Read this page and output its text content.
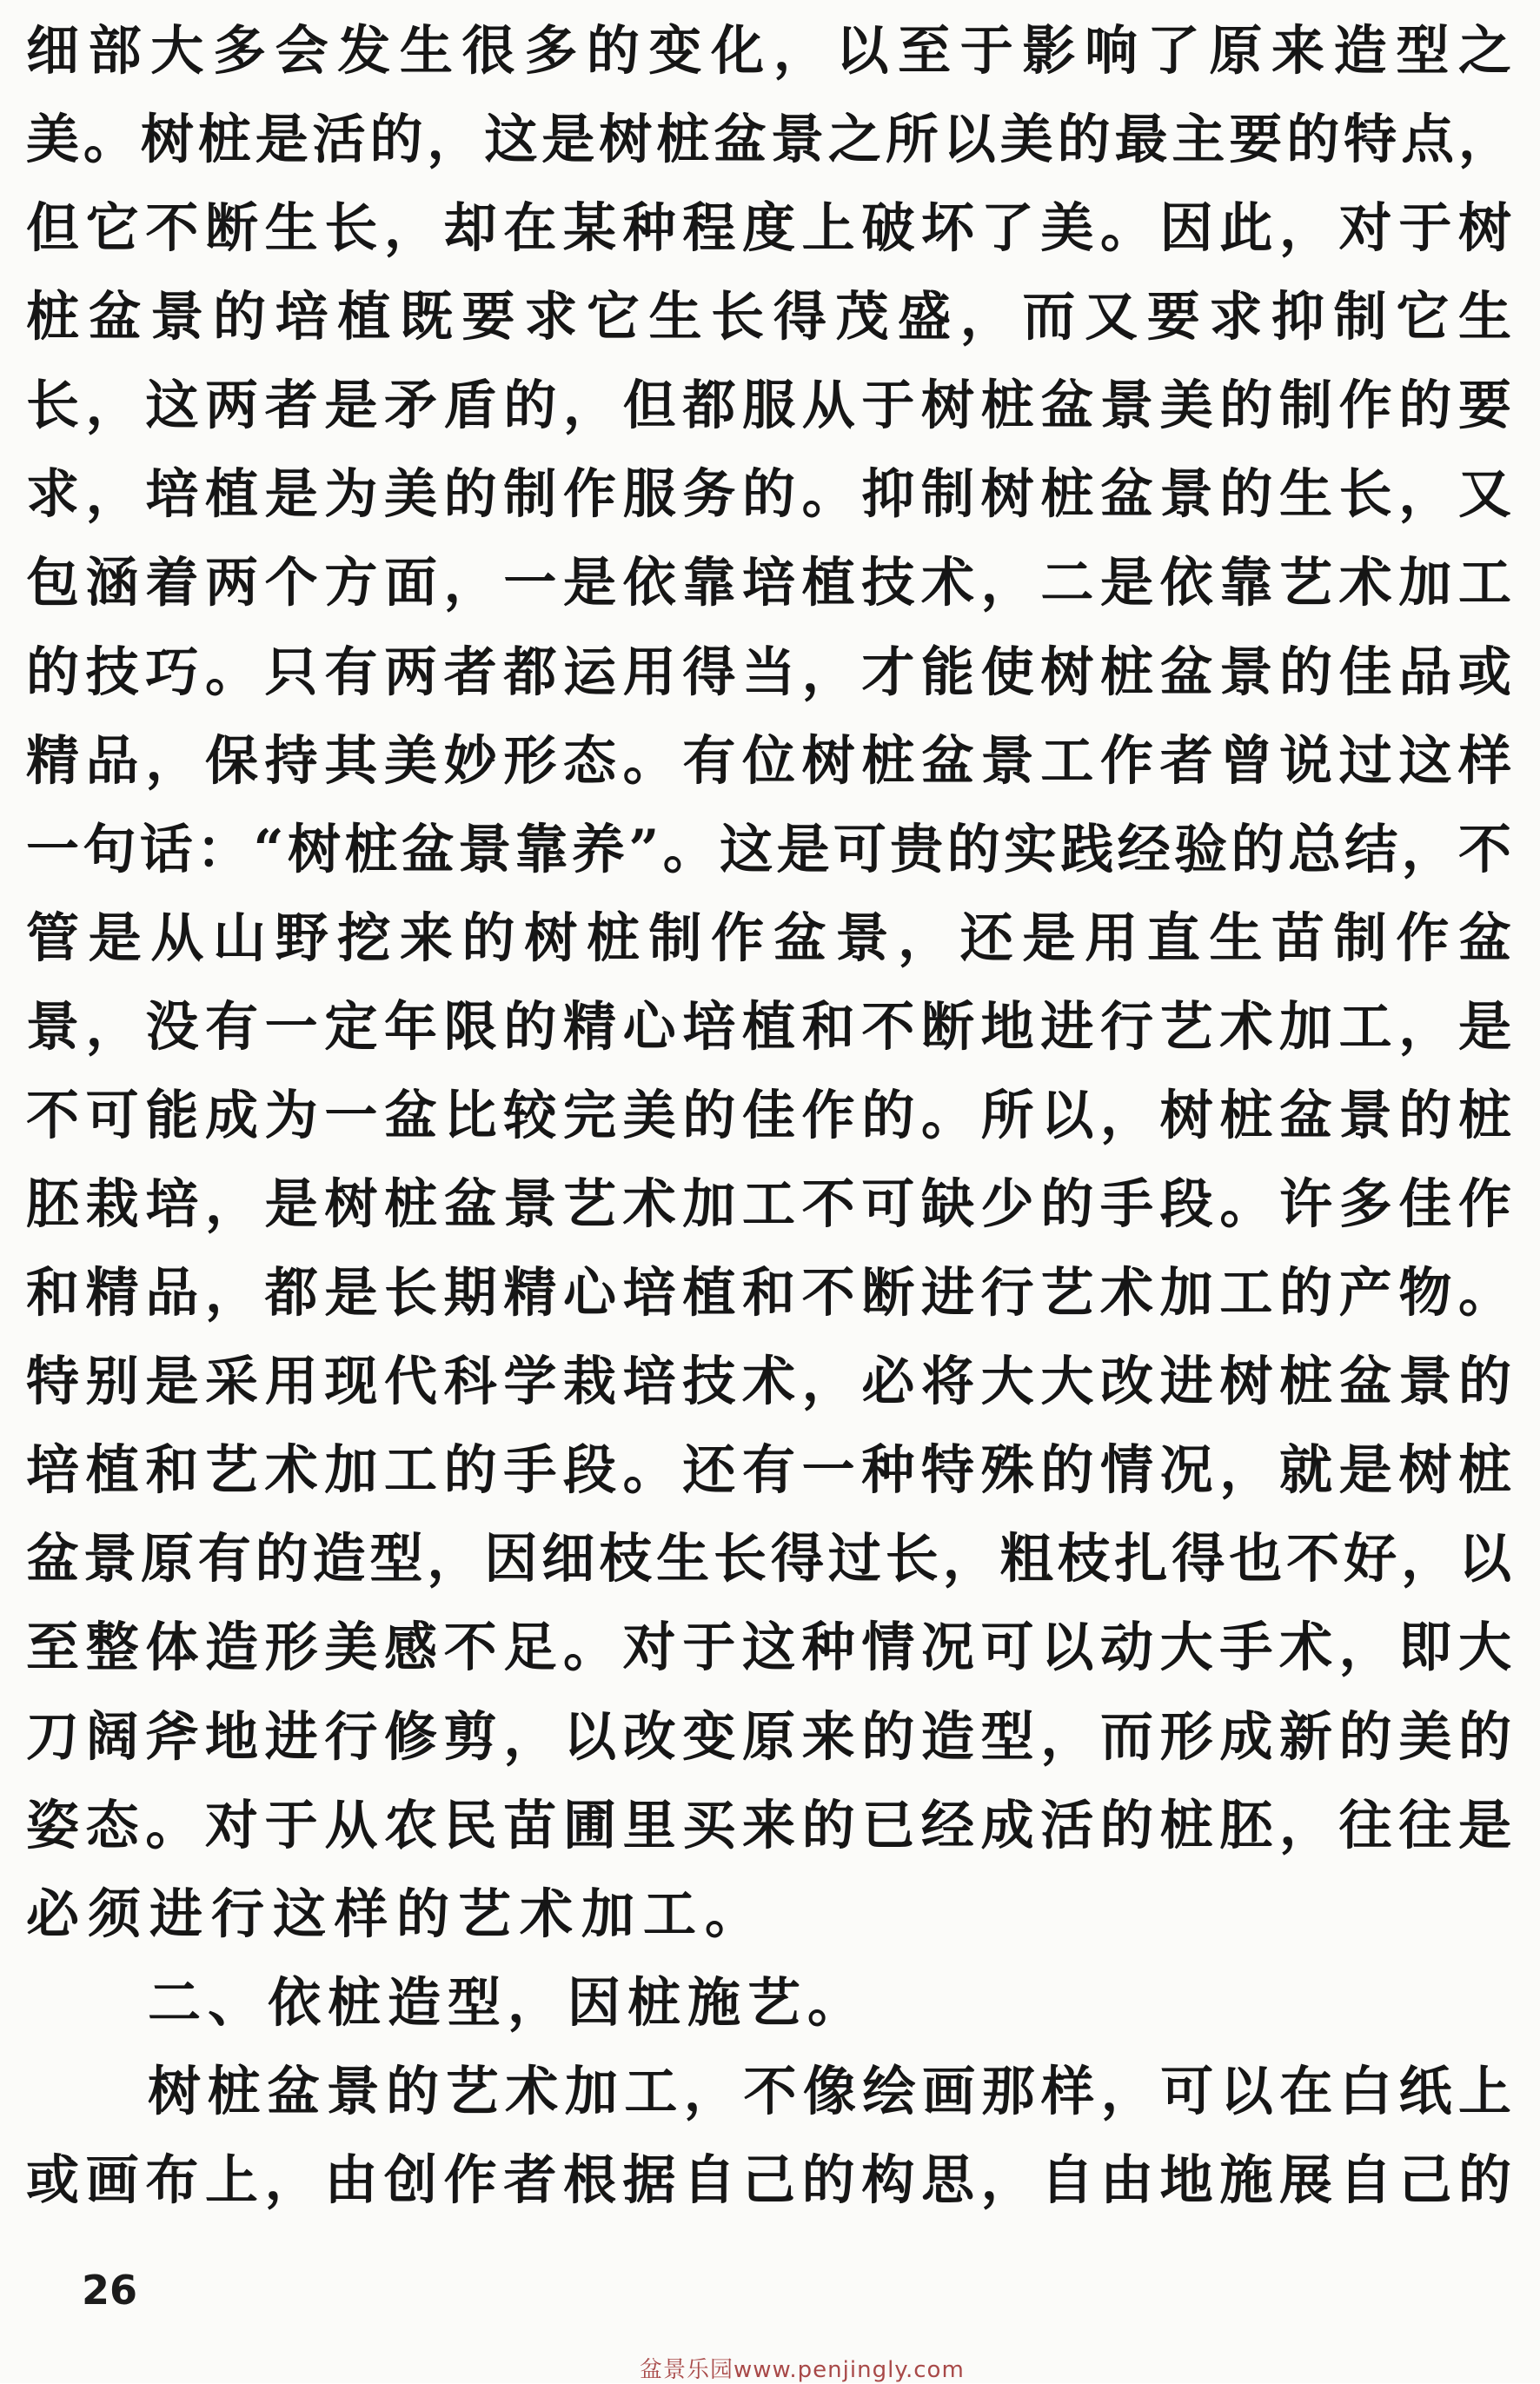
细部大多会发生很多的变化，以至于影响了原来造型之
美。树桩是活的，这是树桩盆景之所以美的最主要的特点，
但它不断生长，却在某种程度上破坏了美。因此，对于树
桩盆景的培植既要求它生长得茂盛，而又要求抑制它生
长，这两者是矛盾的，但都服从于树桩盆景美的制作的要
求，培植是为美的制作服务的。抑制树桩盆景的生长，又
包涵着两个方面，一是依靠培植技术，二是依靠艺术加工
的技巧。只有两者都运用得当，才能使树桩盆景的佳品或
精品，保持其美妙形态。有位树桩盆景工作者曾说过这样
一句话：“树桩盆景靠养”。这是可贵的实践经验的总结，不
管是从山野挖来的树桩制作盆景，还是用直生苗制作盆
景，没有一定年限的精心培植和不断地进行艺术加工，是
不可能成为一盆比较完美的佳作的。所以，树桩盆景的桩
胚栽培，是树桩盆景艺术加工不可缺少的手段。许多佳作
和精品，都是长期精心培植和不断进行艺术加工的产物。
特别是采用现代科学栽培技术，必将大大改进树桩盆景的
培植和艺术加工的手段。还有一种特殊的情况，就是树桩
盆景原有的造型，因细枝生长得过长，粗枝扎得也不好，以
至整体造形美感不足。对于这种情况可以动大手术，即大
刀阔斧地进行修剪，以改变原来的造型，而形成新的美的
姿态。对于从农民苗圃里买来的已经成活的桩胚，往往是
必须进行这样的艺术加工。
二、依桩造型，因桩施艺。
树桩盆景的艺术加工，不像绘画那样，可以在白纸上
或画布上，由创作者根据自己的构思，自由地施展自己的
26
盆景乐园www.penjingly.com
